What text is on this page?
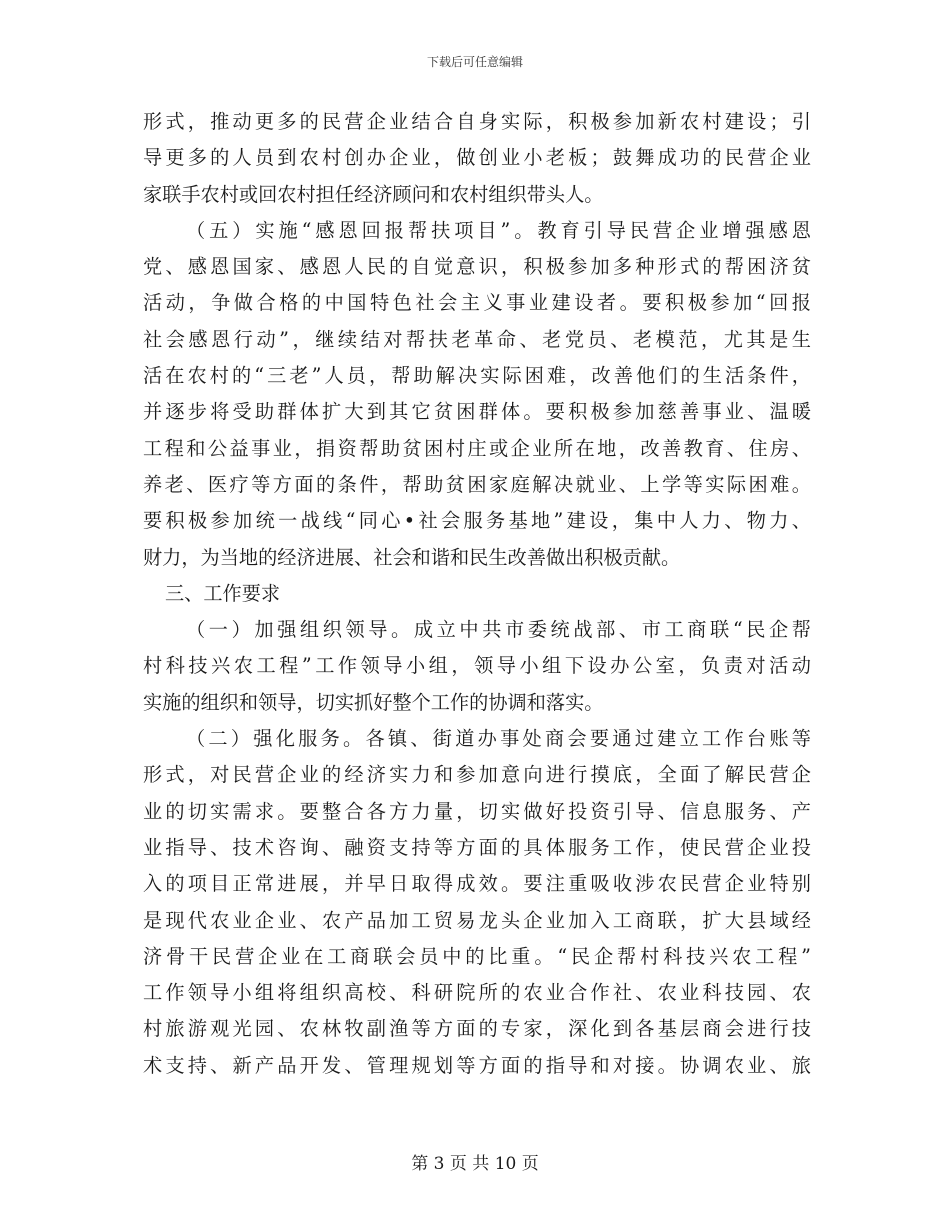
下载后可任意编辑
形式，推动更多的民营企业结合自身实际，积极参加新农村建设；引
导更多的人员到农村创办企业，做创业小老板；鼓舞成功的民营企业
家联手农村或回农村担任经济顾问和农村组织带头人。
（五）实施“感恩回报帮扶项目”。教育引导民营企业增强感恩
党、感恩国家、感恩人民的自觉意识，积极参加多种形式的帮困济贫
活动，争做合格的中国特色社会主义事业建设者。要积极参加“回报
社会感恩行动”，继续结对帮扶老革命、老党员、老模范，尤其是生
活在农村的“三老”人员，帮助解决实际困难，改善他们的生活条件，
并逐步将受助群体扩大到其它贫困群体。要积极参加慈善事业、温暖
工程和公益事业，捐资帮助贫困村庄或企业所在地，改善教育、住房、
养老、医疗等方面的条件，帮助贫困家庭解决就业、上学等实际困难。
要积极参加统一战线“同心•社会服务基地”建设，集中人力、物力、
财力，为当地的经济进展、社会和谐和民生改善做出积极贡献。
三、工作要求
（一）加强组织领导。成立中共市委统战部、市工商联“民企帮
村科技兴农工程”工作领导小组，领导小组下设办公室，负责对活动
实施的组织和领导，切实抓好整个工作的协调和落实。
（二）强化服务。各镇、街道办事处商会要通过建立工作台账等
形式，对民营企业的经济实力和参加意向进行摸底，全面了解民营企
业的切实需求。要整合各方力量，切实做好投资引导、信息服务、产
业指导、技术咨询、融资支持等方面的具体服务工作，使民营企业投
入的项目正常进展，并早日取得成效。要注重吸收涉农民营企业特别
是现代农业企业、农产品加工贸易龙头企业加入工商联，扩大县域经
济骨干民营企业在工商联会员中的比重。“民企帮村科技兴农工程”
工作领导小组将组织高校、科研院所的农业合作社、农业科技园、农
村旅游观光园、农林牧副渔等方面的专家，深化到各基层商会进行技
术支持、新产品开发、管理规划等方面的指导和对接。协调农业、旅
第 3 页 共 10 页
